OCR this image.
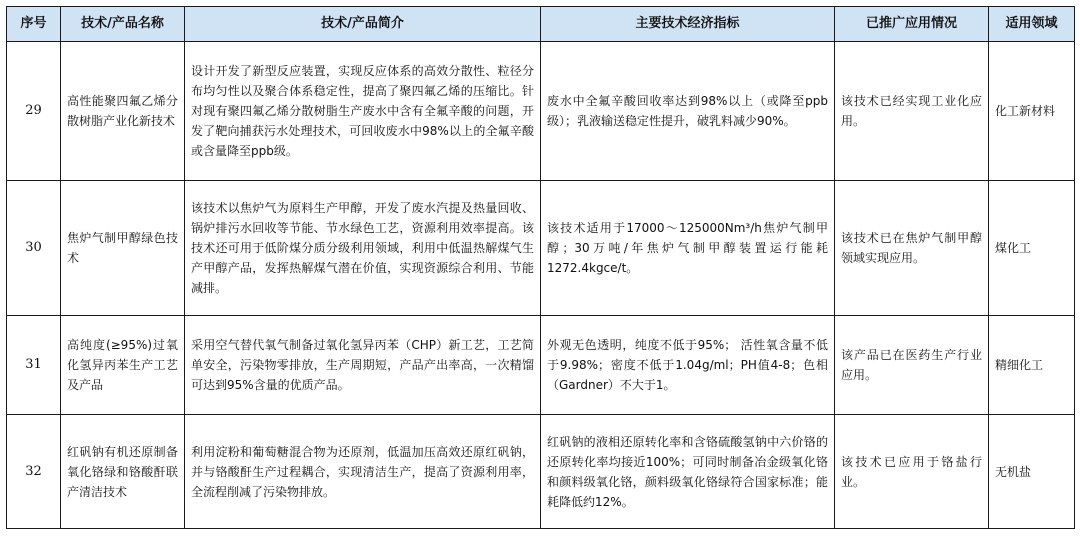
序号	技术/产品名称	技术/产品简介	主要技术经济指标	已推广应用情况	适用领域
29	高性能聚四氟乙烯分散树脂产业化新技术	设计开发了新型反应装置，实现反应体系的高效分散性、粒径分布均匀性以及聚合体系稳定性，提高了聚四氟乙烯的压缩比。针对现有聚四氟乙烯分散树脂生产废水中含有全氟辛酸的问题，开发了靶向捕获污水处理技术，可回收废水中98%以上的全氟辛酸或含量降至ppb级。	废水中全氟辛酸回收率达到98%以上（或降至ppb级）；乳液输送稳定性提升，破乳料减少90%。	该技术已经实现工业化应用。	化工新材料
30	焦炉气制甲醇绿色技术	该技术以焦炉气为原料生产甲醇，开发了废水汽提及热量回收、锅炉排污水回收等节能、节水绿色工艺，资源利用效率提高。该技术还可用于低阶煤分质分级利用领域，利用中低温热解煤气生产甲醇产品，发挥热解煤气潜在价值，实现资源综合利用、节能减排。	该技术适用于17000～125000Nm³/h焦炉气制甲醇；30万吨/年焦炉气制甲醇装置运行能耗1272.4kgce/t。	该技术已在焦炉气制甲醇领域实现应用。	煤化工
31	高纯度(≥95%)过氧化氢异丙苯生产工艺及产品	采用空气替代氧气制备过氧化氢异丙苯（CHP）新工艺，工艺简单安全，污染物零排放，生产周期短，产品产出率高，一次精馏可达到95%含量的优质产品。	外观无色透明，纯度不低于95%； 活性氧含量不低于9.98%；密度不低于1.04g/ml；PH值4-8；色相（Gardner）不大于1。	该产品已在医药生产行业应用。	精细化工
32	红矾钠有机还原制备氧化铬绿和铬酸酐联产清洁技术	利用淀粉和葡萄糖混合物为还原剂，低温加压高效还原红矾钠，并与铬酸酐生产过程耦合，实现清洁生产，提高了资源利用率，全流程削减了污染物排放。	红矾钠的液相还原转化率和含铬硫酸氢钠中六价铬的还原转化率均接近100%；可同时制备冶金级氧化铬和颜料级氧化铬，颜料级氧化铬绿符合国家标准；能耗降低约12%。	该技术已应用于铬盐行业。	无机盐
